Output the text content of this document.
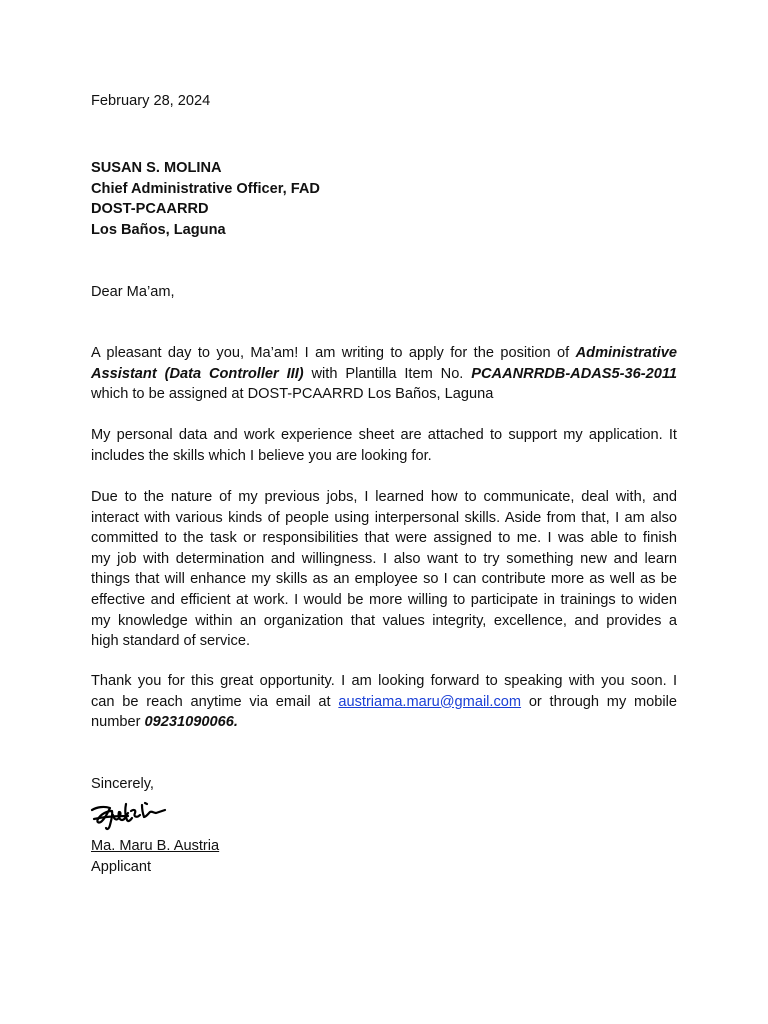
February 28, 2024
SUSAN S. MOLINA
Chief Administrative Officer, FAD
DOST-PCAARRD
Los Baños, Laguna
Dear Ma’am,
A pleasant day to you, Ma’am! I am writing to apply for the position of Administrative
Assistant (Data Controller III) with Plantilla Item No. PCAANRRDB-ADAS5-36-2011
which to be assigned at DOST-PCAARRD Los Baños, Laguna
My personal data and work experience sheet are attached to support my application. It
includes the skills which I believe you are looking for.
Due to the nature of my previous jobs, I learned how to communicate, deal with, and
interact with various kinds of people using interpersonal skills. Aside from that, I am also
committed to the task or responsibilities that were assigned to me. I was able to finish
my job with determination and willingness. I also want to try something new and learn
things that will enhance my skills as an employee so I can contribute more as well as be
effective and efficient at work. I would be more willing to participate in trainings to widen
my knowledge within an organization that values integrity, excellence, and provides a
high standard of service.
Thank you for this great opportunity. I am looking forward to speaking with you soon. I
can be reach anytime via email at austriama.maru@gmail.com or through my mobile
number 09231090066.
Sincerely,
Ma. Maru B. Austria
Applicant
